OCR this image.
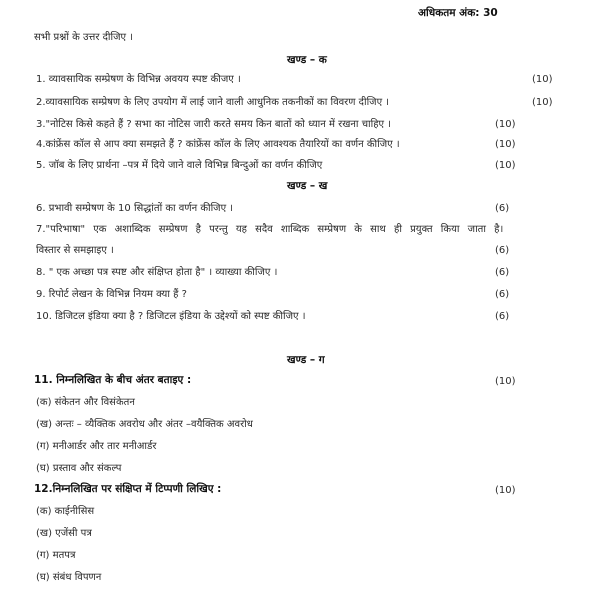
अधिकतम अंक: 30
सभी प्रश्नों के उत्तर दीजिए ।
खण्ड – क
1. व्यावसायिक सम्प्रेषण के विभिन्न अवयय स्पष्ट कीजए ।	(10)
2.व्यावसायिक सम्प्रेषण के लिए उपयोग में लाई जाने वाली आधुनिक तकनीकों का विवरण दीजिए ।	(10)
3."नोटिस किसे कहते हैं ? सभा का नोटिस जारी करते समय किन बातों को ध्यान में रखना चाहिए ।	(10)
4.कांफ्रेंस कॉल से आप क्या समझते हैं ? कांफ्रेंस कॉल के लिए आवश्यक तैयारियों का वर्णन कीजिए ।	(10)
5. जॉब के लिए प्रार्थना –पत्र में दिये जाने वाले विभिन्न बिन्दुओं का वर्णन कीजिए	(10)
खण्ड – ख
6. प्रभावी सम्प्रेषण के 10 सिद्धांतों का वर्णन कीजिए ।	(6)
7."परिभाषा" एक अशाब्दिक सम्प्रेषण है परन्तु यह सदैव शाब्दिक सम्प्रेषण के साथ ही प्रयुक्त किया जाता है।
विस्तार से समझाइए ।	(6)
8. " एक अच्छा पत्र स्पष्ट और संक्षिप्त होता है" । व्याख्या कीजिए ।	(6)
9. रिपोर्ट लेखन के विभिन्न नियम क्या हैं ?	(6)
10. डिजिटल इंडिया क्या है ? डिजिटल इंडिया के उद्देश्यों को स्पष्ट कीजिए ।	(6)
खण्ड – ग
11. निम्नलिखित के बीच अंतर बताइए :	(10)
(क) संकेतन और विसंकेतन
(ख) अन्तः – व्यैक्तिक अवरोध और अंतर –वयैक्तिक अवरोध
(ग) मनीआर्डर और तार मनीआर्डर
(घ) प्रस्ताव और संकल्प
12.निम्नलिखित पर संक्षिप्त में टिप्पणी लिखिए :	(10)
(क) काईनीसिस
(ख) एजेंसी पत्र
(ग) मतपत्र
(घ) संबंध विपणन
